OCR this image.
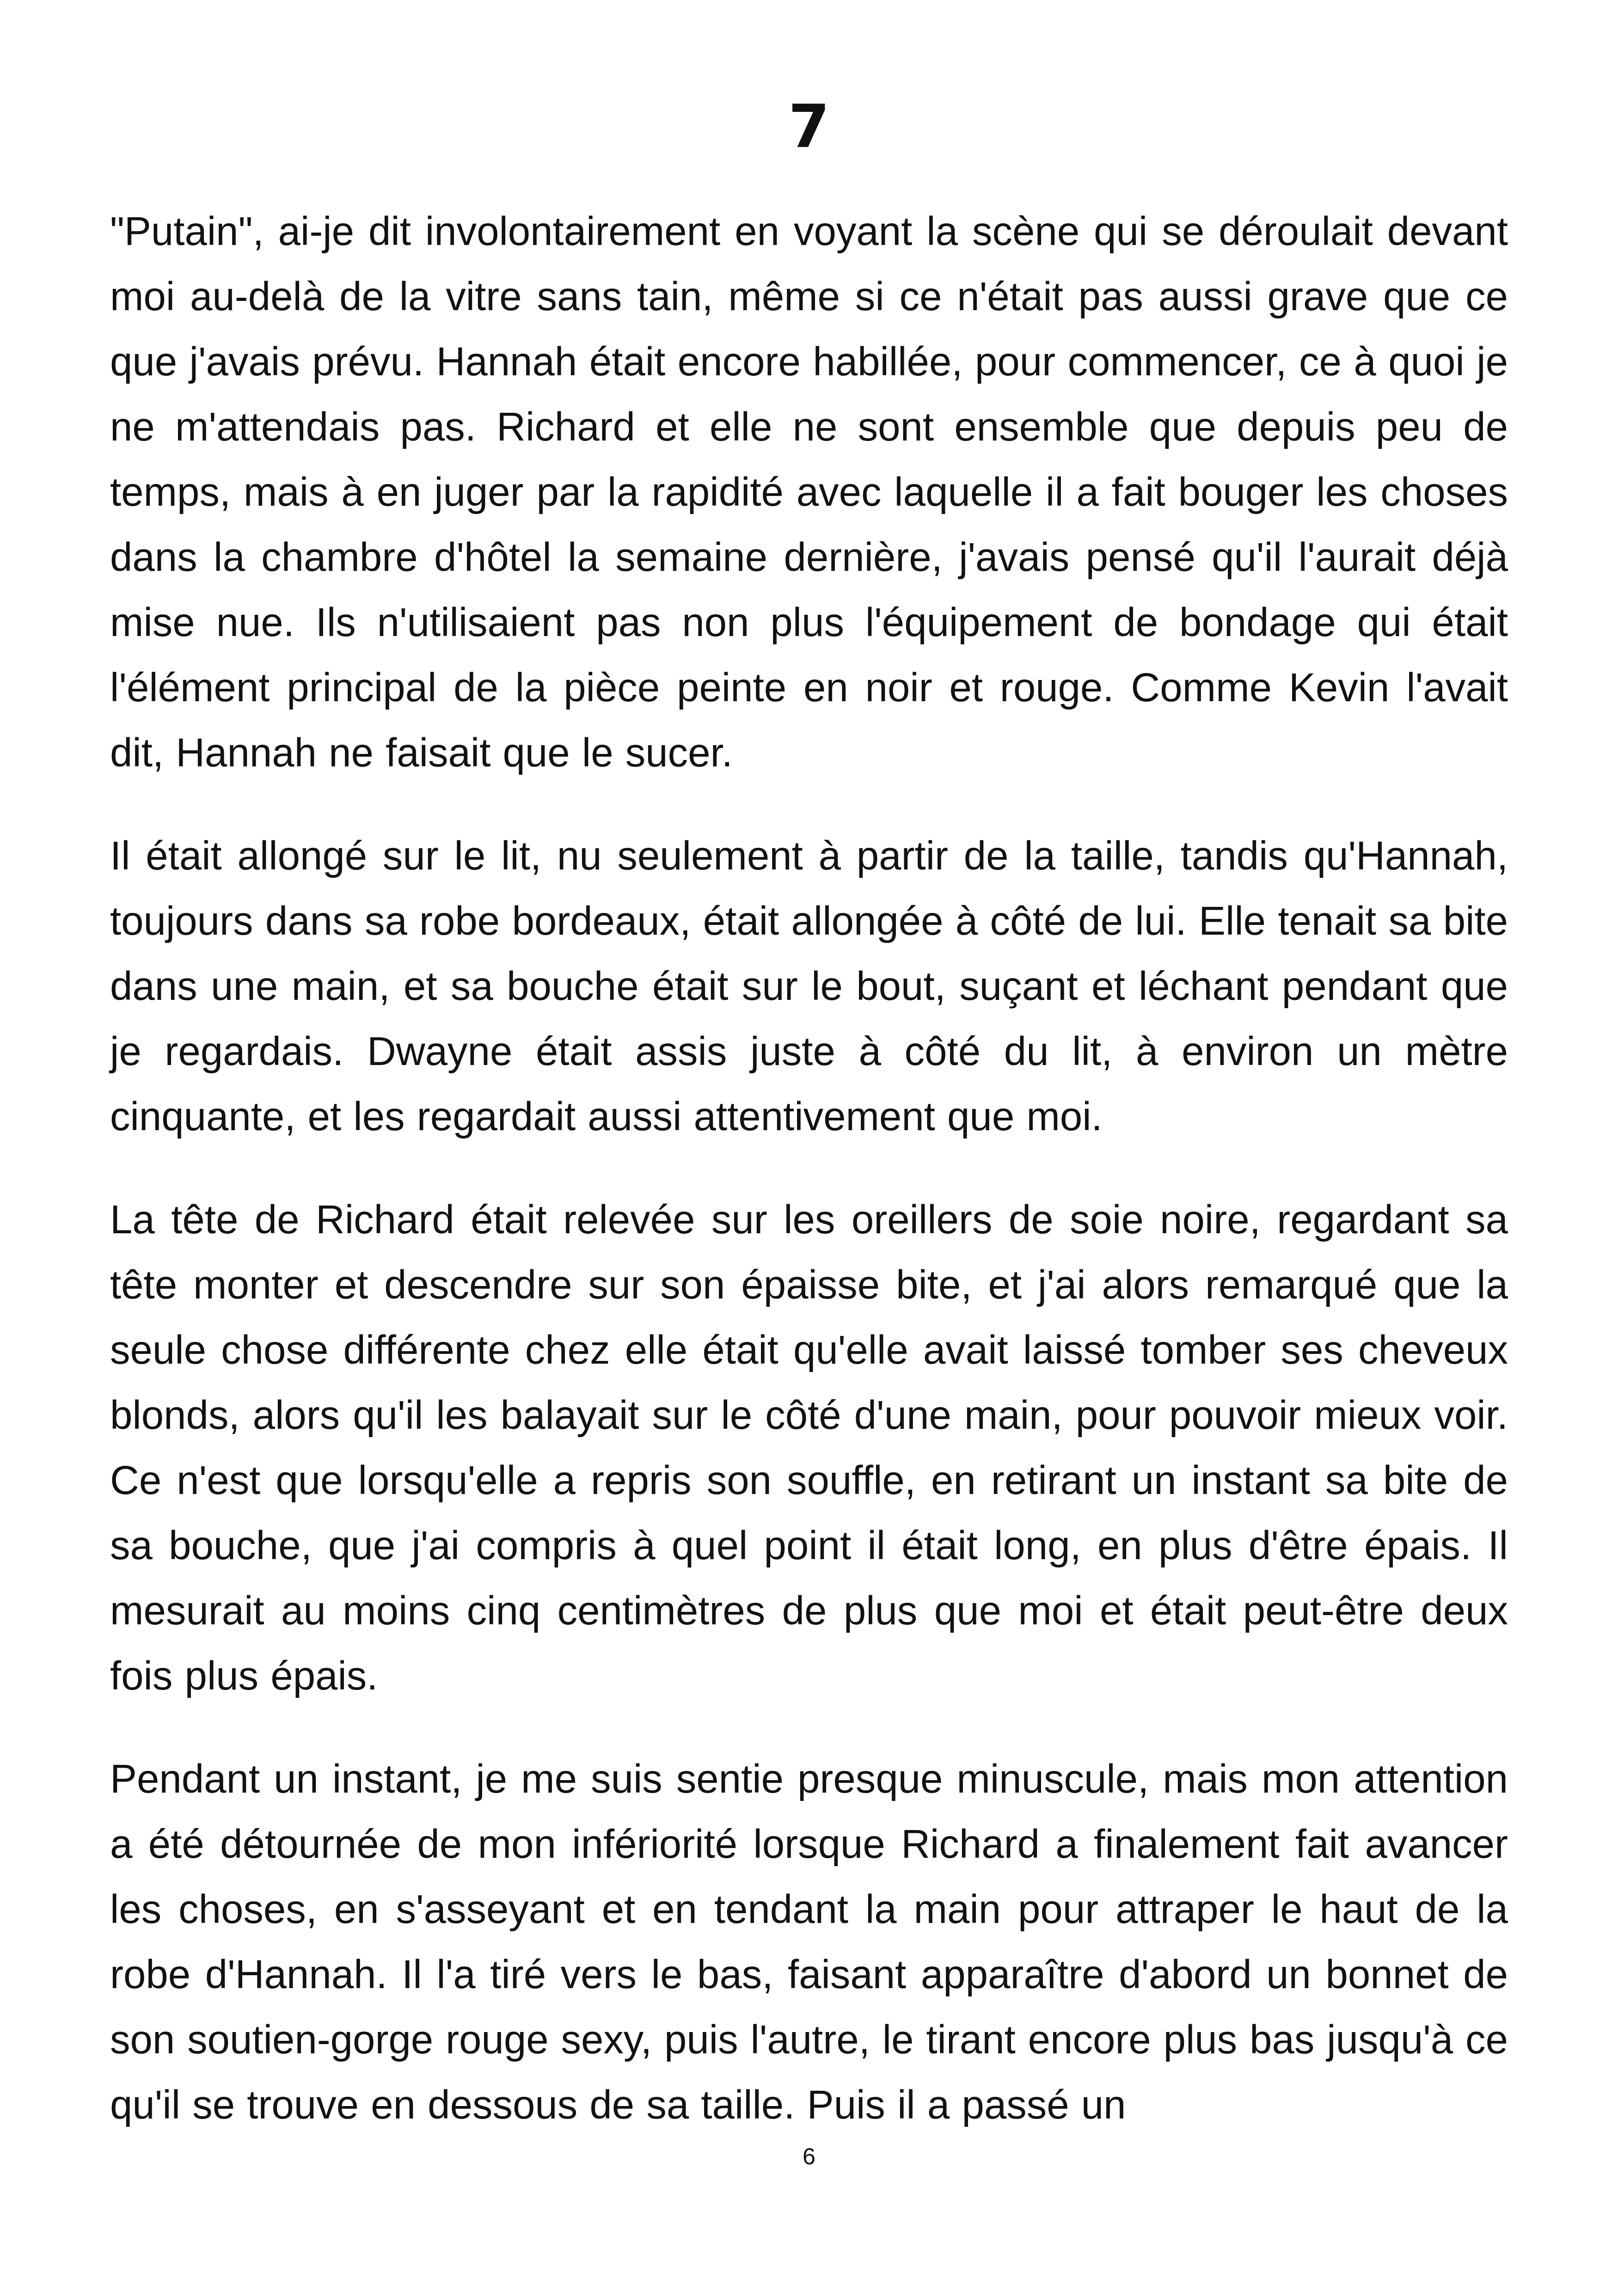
7

"Putain", ai-je dit involontairement en voyant la scène qui se déroulait devant moi au-delà de la vitre sans tain, même si ce n'était pas aussi grave que ce que j'avais prévu. Hannah était encore habillée, pour commencer, ce à quoi je ne m'attendais pas. Richard et elle ne sont ensemble que depuis peu de temps, mais à en juger par la rapidité avec laquelle il a fait bouger les choses dans la chambre d'hôtel la semaine dernière, j'avais pensé qu'il l'aurait déjà mise nue. Ils n'utilisaient pas non plus l'équipement de bondage qui était l'élément principal de la pièce peinte en noir et rouge. Comme Kevin l'avait dit, Hannah ne faisait que le sucer.

Il était allongé sur le lit, nu seulement à partir de la taille, tandis qu'Hannah, toujours dans sa robe bordeaux, était allongée à côté de lui. Elle tenait sa bite dans une main, et sa bouche était sur le bout, suçant et léchant pendant que je regardais. Dwayne était assis juste à côté du lit, à environ un mètre cinquante, et les regardait aussi attentivement que moi.

La tête de Richard était relevée sur les oreillers de soie noire, regardant sa tête monter et descendre sur son épaisse bite, et j'ai alors remarqué que la seule chose différente chez elle était qu'elle avait laissé tomber ses cheveux blonds, alors qu'il les balayait sur le côté d'une main, pour pouvoir mieux voir. Ce n'est que lorsqu'elle a repris son souffle, en retirant un instant sa bite de sa bouche, que j'ai compris à quel point il était long, en plus d'être épais. Il mesurait au moins cinq centimètres de plus que moi et était peut-être deux fois plus épais.

Pendant un instant, je me suis sentie presque minuscule, mais mon attention a été détournée de mon infériorité lorsque Richard a finalement fait avancer les choses, en s'asseyant et en tendant la main pour attraper le haut de la robe d'Hannah. Il l'a tiré vers le bas, faisant apparaître d'abord un bonnet de son soutien-gorge rouge sexy, puis l'autre, le tirant encore plus bas jusqu'à ce qu'il se trouve en dessous de sa taille. Puis il a passé un

6
